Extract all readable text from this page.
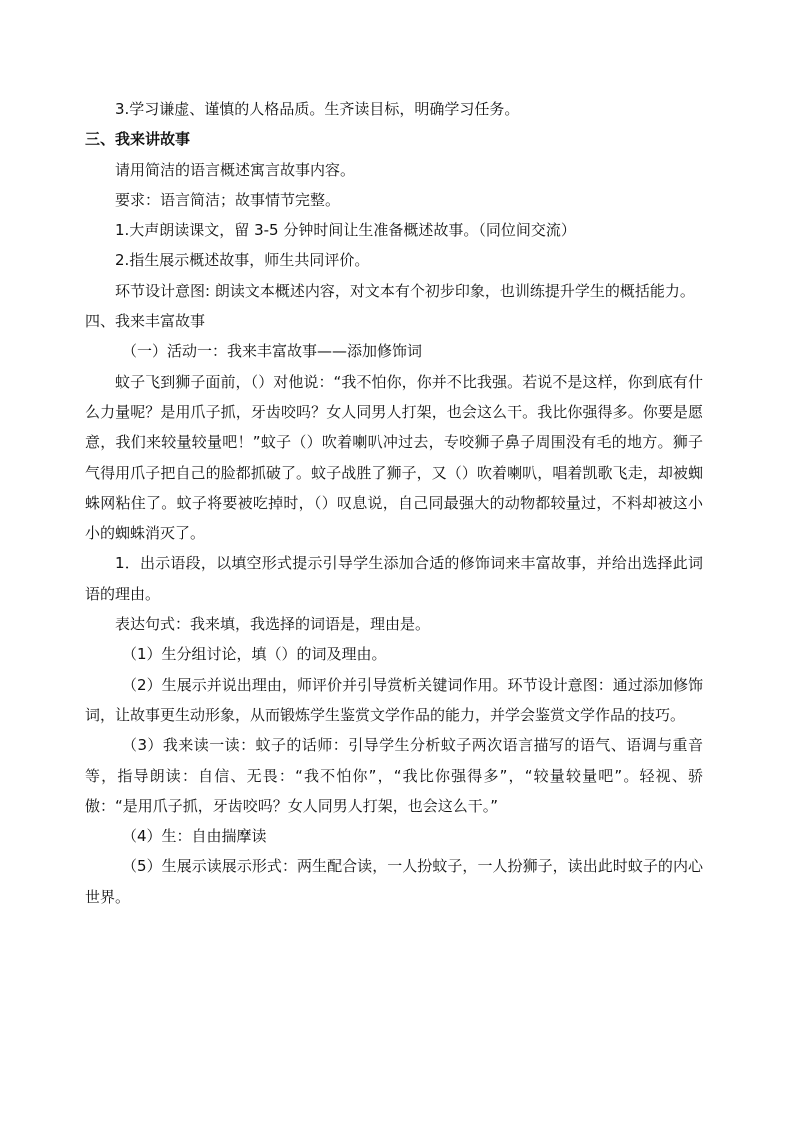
3.学习谦虚、谨慎的人格品质。生齐读目标，明确学习任务。

三、我来讲故事

请用简洁的语言概述寓言故事内容。

要求：语言简洁；故事情节完整。

1.大声朗读课文，留 3-5 分钟时间让生准备概述故事。（同位间交流）

2.指生展示概述故事，师生共同评价。

环节设计意图: 朗读文本概述内容，对文本有个初步印象，也训练提升学生的概括能力。

四、我来丰富故事

（一）活动一：我来丰富故事——添加修饰词

蚊子飞到狮子面前，（）对他说：“我不怕你，你并不比我强。若说不是这样，你到底有什么力量呢？是用爪子抓，牙齿咬吗？女人同男人打架，也会这么干。我比你强得多。你要是愿意，我们来较量较量吧！”蚊子（）吹着喇叭冲过去，专咬狮子鼻子周围没有毛的地方。狮子气得用爪子把自己的脸都抓破了。蚊子战胜了狮子，又（）吹着喇叭，唱着凯歌飞走，却被蜘蛛网粘住了。蚊子将要被吃掉时，（）叹息说，自己同最强大的动物都较量过，不料却被这小小的蜘蛛消灭了。

1．出示语段，以填空形式提示引导学生添加合适的修饰词来丰富故事，并给出选择此词语的理由。

表达句式：我来填，我选择的词语是，理由是。

（1）生分组讨论，填（）的词及理由。

（2）生展示并说出理由，师评价并引导赏析关键词作用。环节设计意图：通过添加修饰词，让故事更生动形象，从而锻炼学生鉴赏文学作品的能力，并学会鉴赏文学作品的技巧。

（3）我来读一读：蚊子的话师：引导学生分析蚊子两次语言描写的语气、语调与重音等，指导朗读：自信、无畏：“我不怕你”，“我比你强得多”，“较量较量吧”。轻视、骄傲：“是用爪子抓，牙齿咬吗？女人同男人打架，也会这么干。”

（4）生：自由揣摩读

（5）生展示读展示形式：两生配合读，一人扮蚊子，一人扮狮子，读出此时蚊子的内心世界。
